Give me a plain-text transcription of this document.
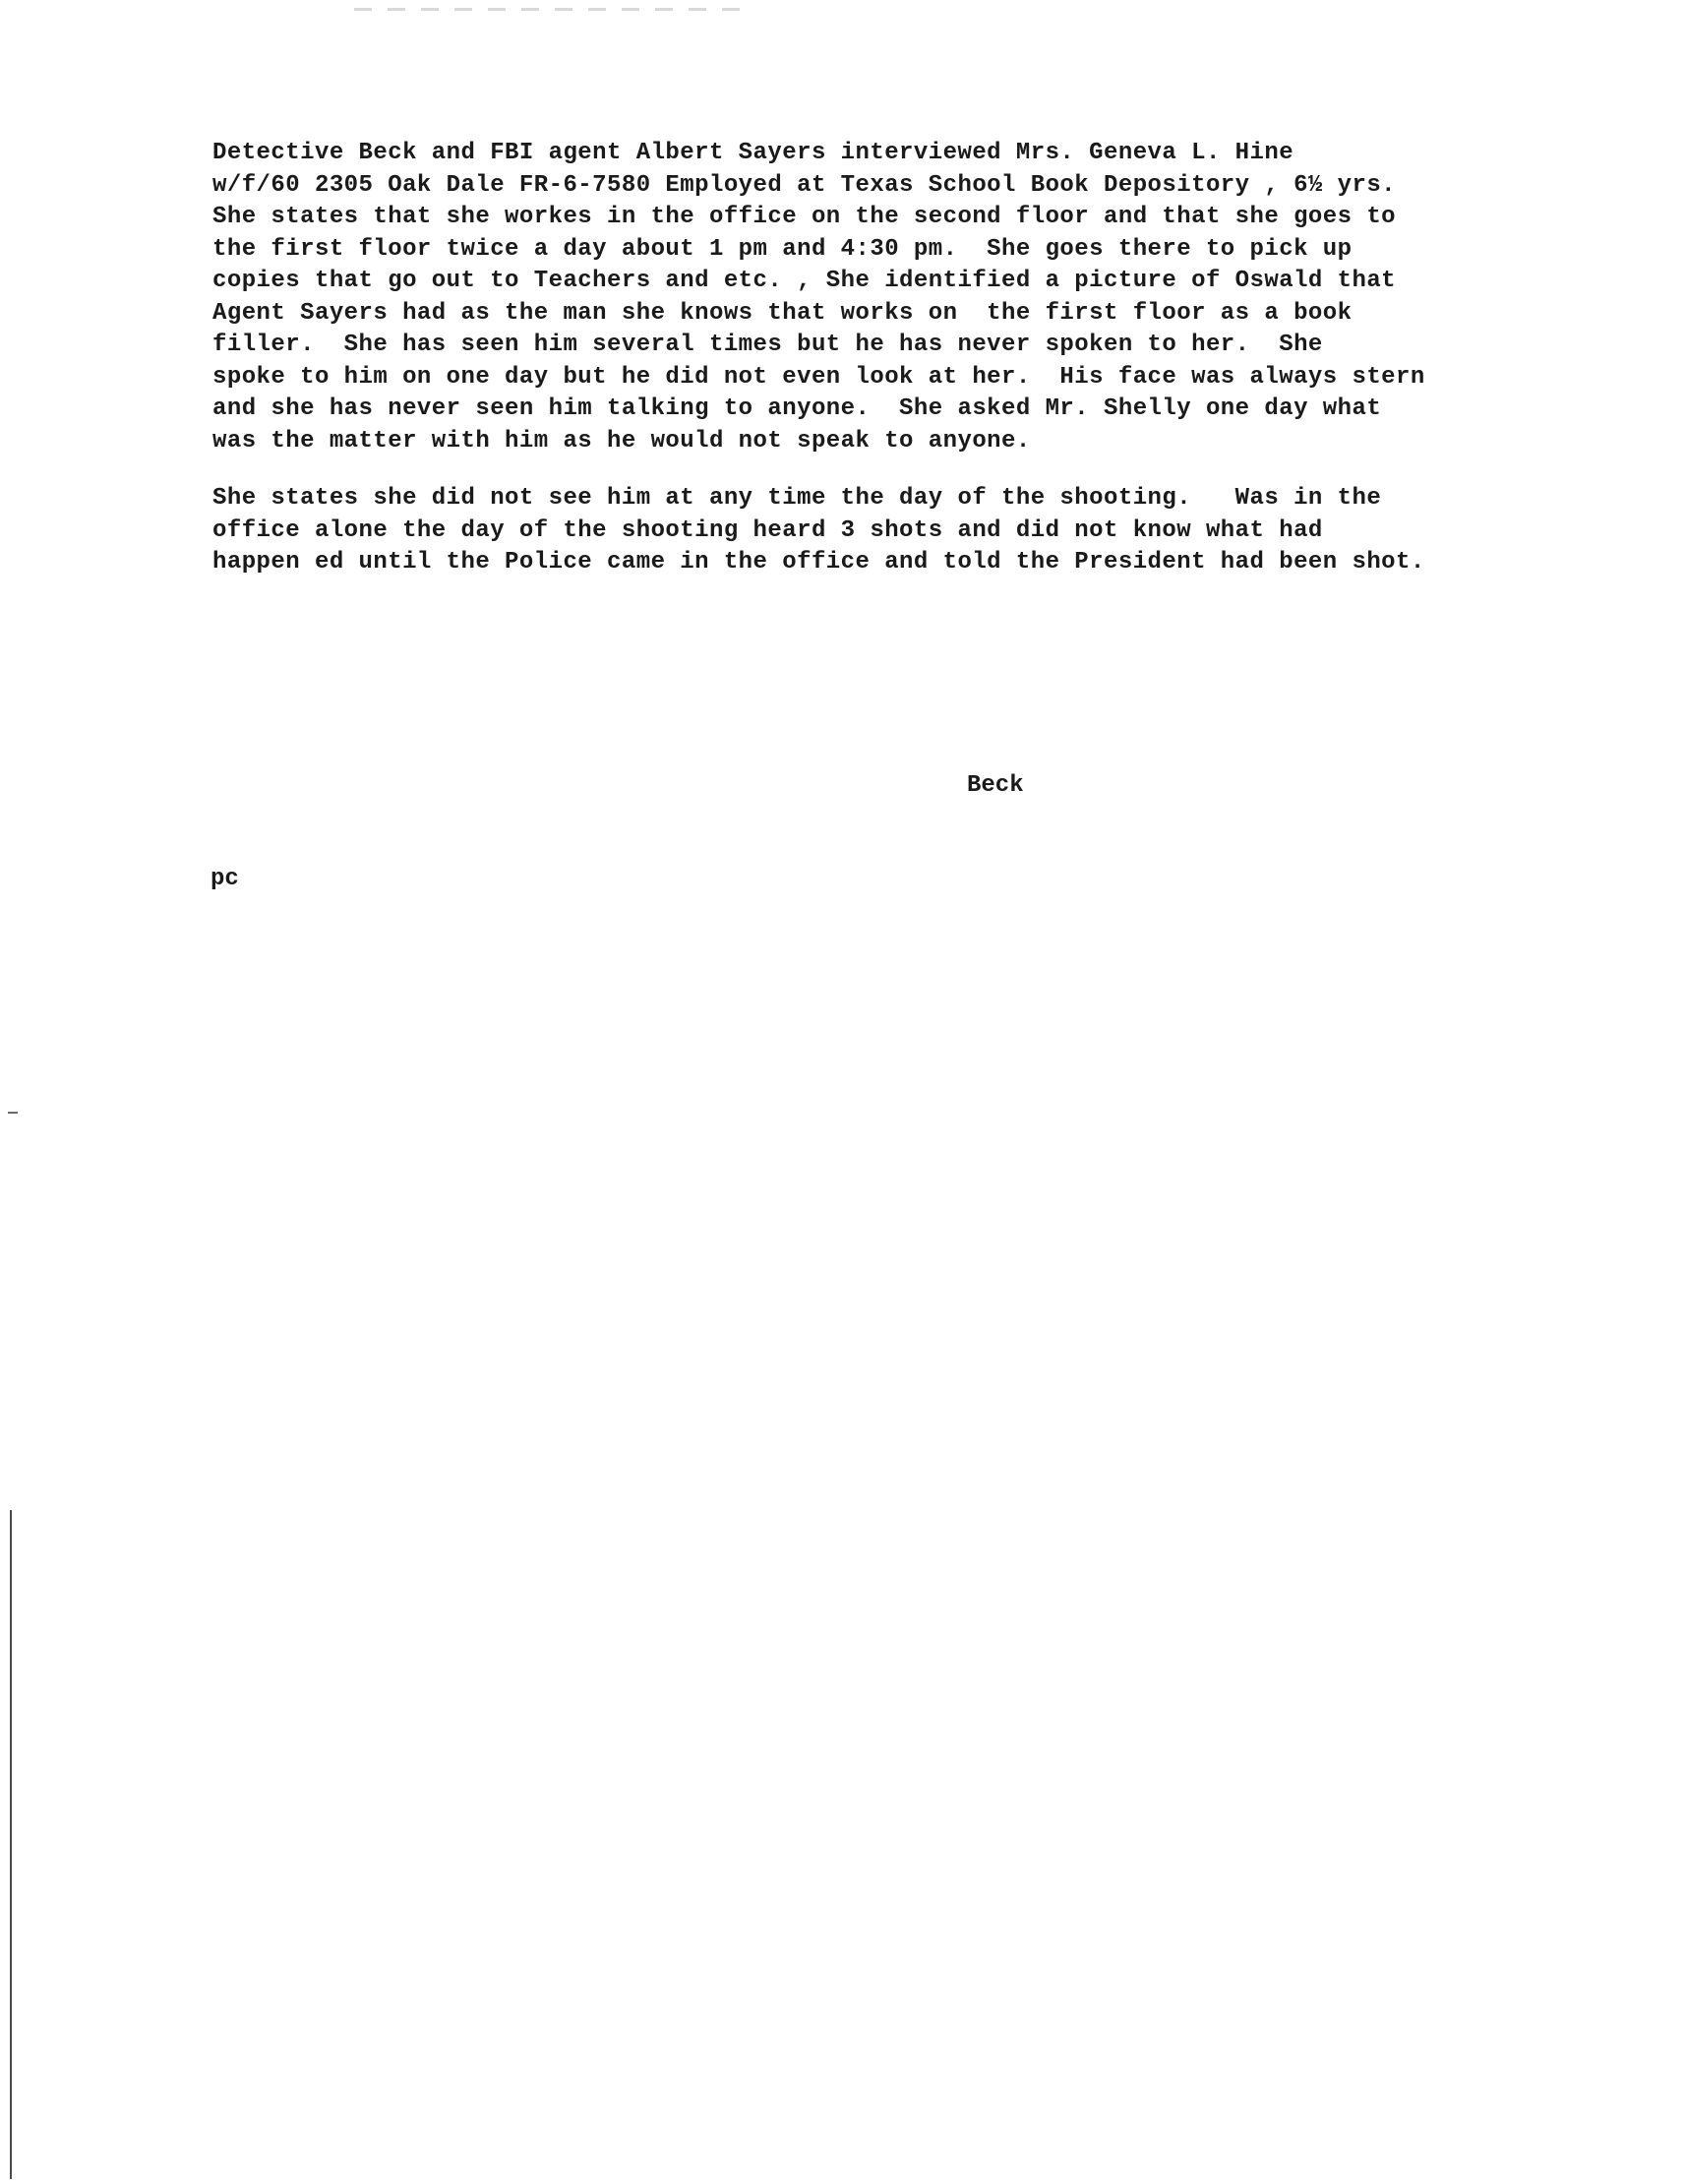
Detective Beck and FBI agent Albert Sayers interviewed Mrs. Geneva L. Hine
w/f/60 2305 Oak Dale FR-6-7580 Employed at Texas School Book Depository , 6½ yrs.
She states that she workes in the office on the second floor and that she goes to
the first floor twice a day about 1 pm and 4:30 pm.  She goes there to pick up
copies that go out to Teachers and etc. , She identified a picture of Oswald that
Agent Sayers had as the man she knows that works on  the first floor as a book
filler.  She has seen him several times but he has never spoken to her.  She
spoke to him on one day but he did not even look at her.  His face was always stern
and she has never seen him talking to anyone.  She asked Mr. Shelly one day what
was the matter with him as he would not speak to anyone.

She states she did not see him at any time the day of the shooting.   Was in the
office alone the day of the shooting heard 3 shots and did not know what had
happen ed until the Police came in the office and told the President had been shot.

Beck
pc
